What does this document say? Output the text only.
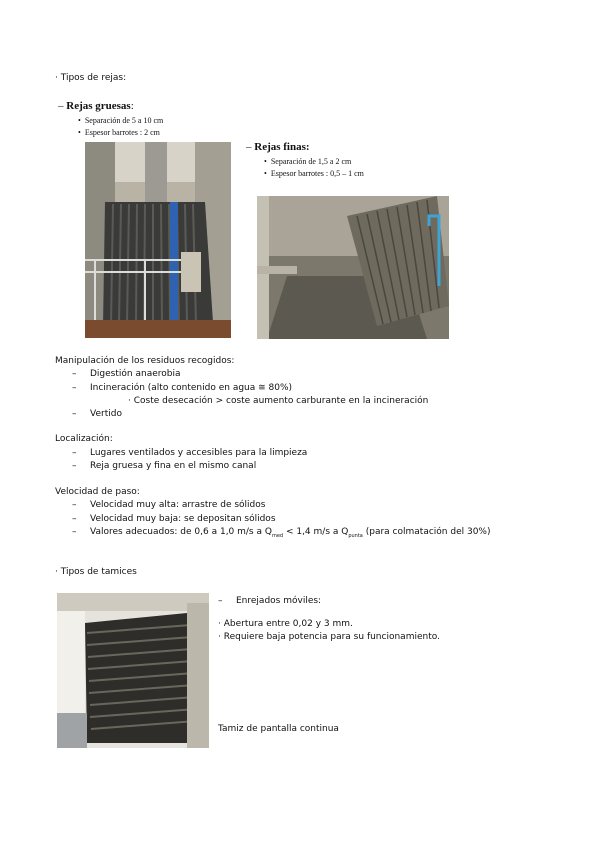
· Tipos de rejas:
– Rejas gruesas:
•  Separación de 5 a 10 cm
•  Espesor barrotes : 2 cm
– Rejas finas:
•  Separación de 1,5 a 2 cm
•  Espesor barrotes : 0,5 – 1 cm
Manipulación de los residuos recogidos:
– Digestión anaerobia
– Incineración (alto contenido en agua ≅ 80%)
· Coste desecación > coste aumento carburante en la incineración
– Vertido
Localización:
– Lugares ventilados y accesibles para la limpieza
– Reja gruesa y fina en el mismo canal
Velocidad de paso:
– Velocidad muy alta: arrastre de sólidos
– Velocidad muy baja: se depositan sólidos
– Valores adecuados: de 0,6 a 1,0 m/s a $Q_{med} < 1,4$ m/s a $Q_{punta}$ (para colmatación del 30%)
· Tipos de tamices
– Enrejados móviles:
· Abertura entre 0,02 y 3 mm.
· Requiere baja potencia para su funcionamiento.
Tamiz de pantalla continua
